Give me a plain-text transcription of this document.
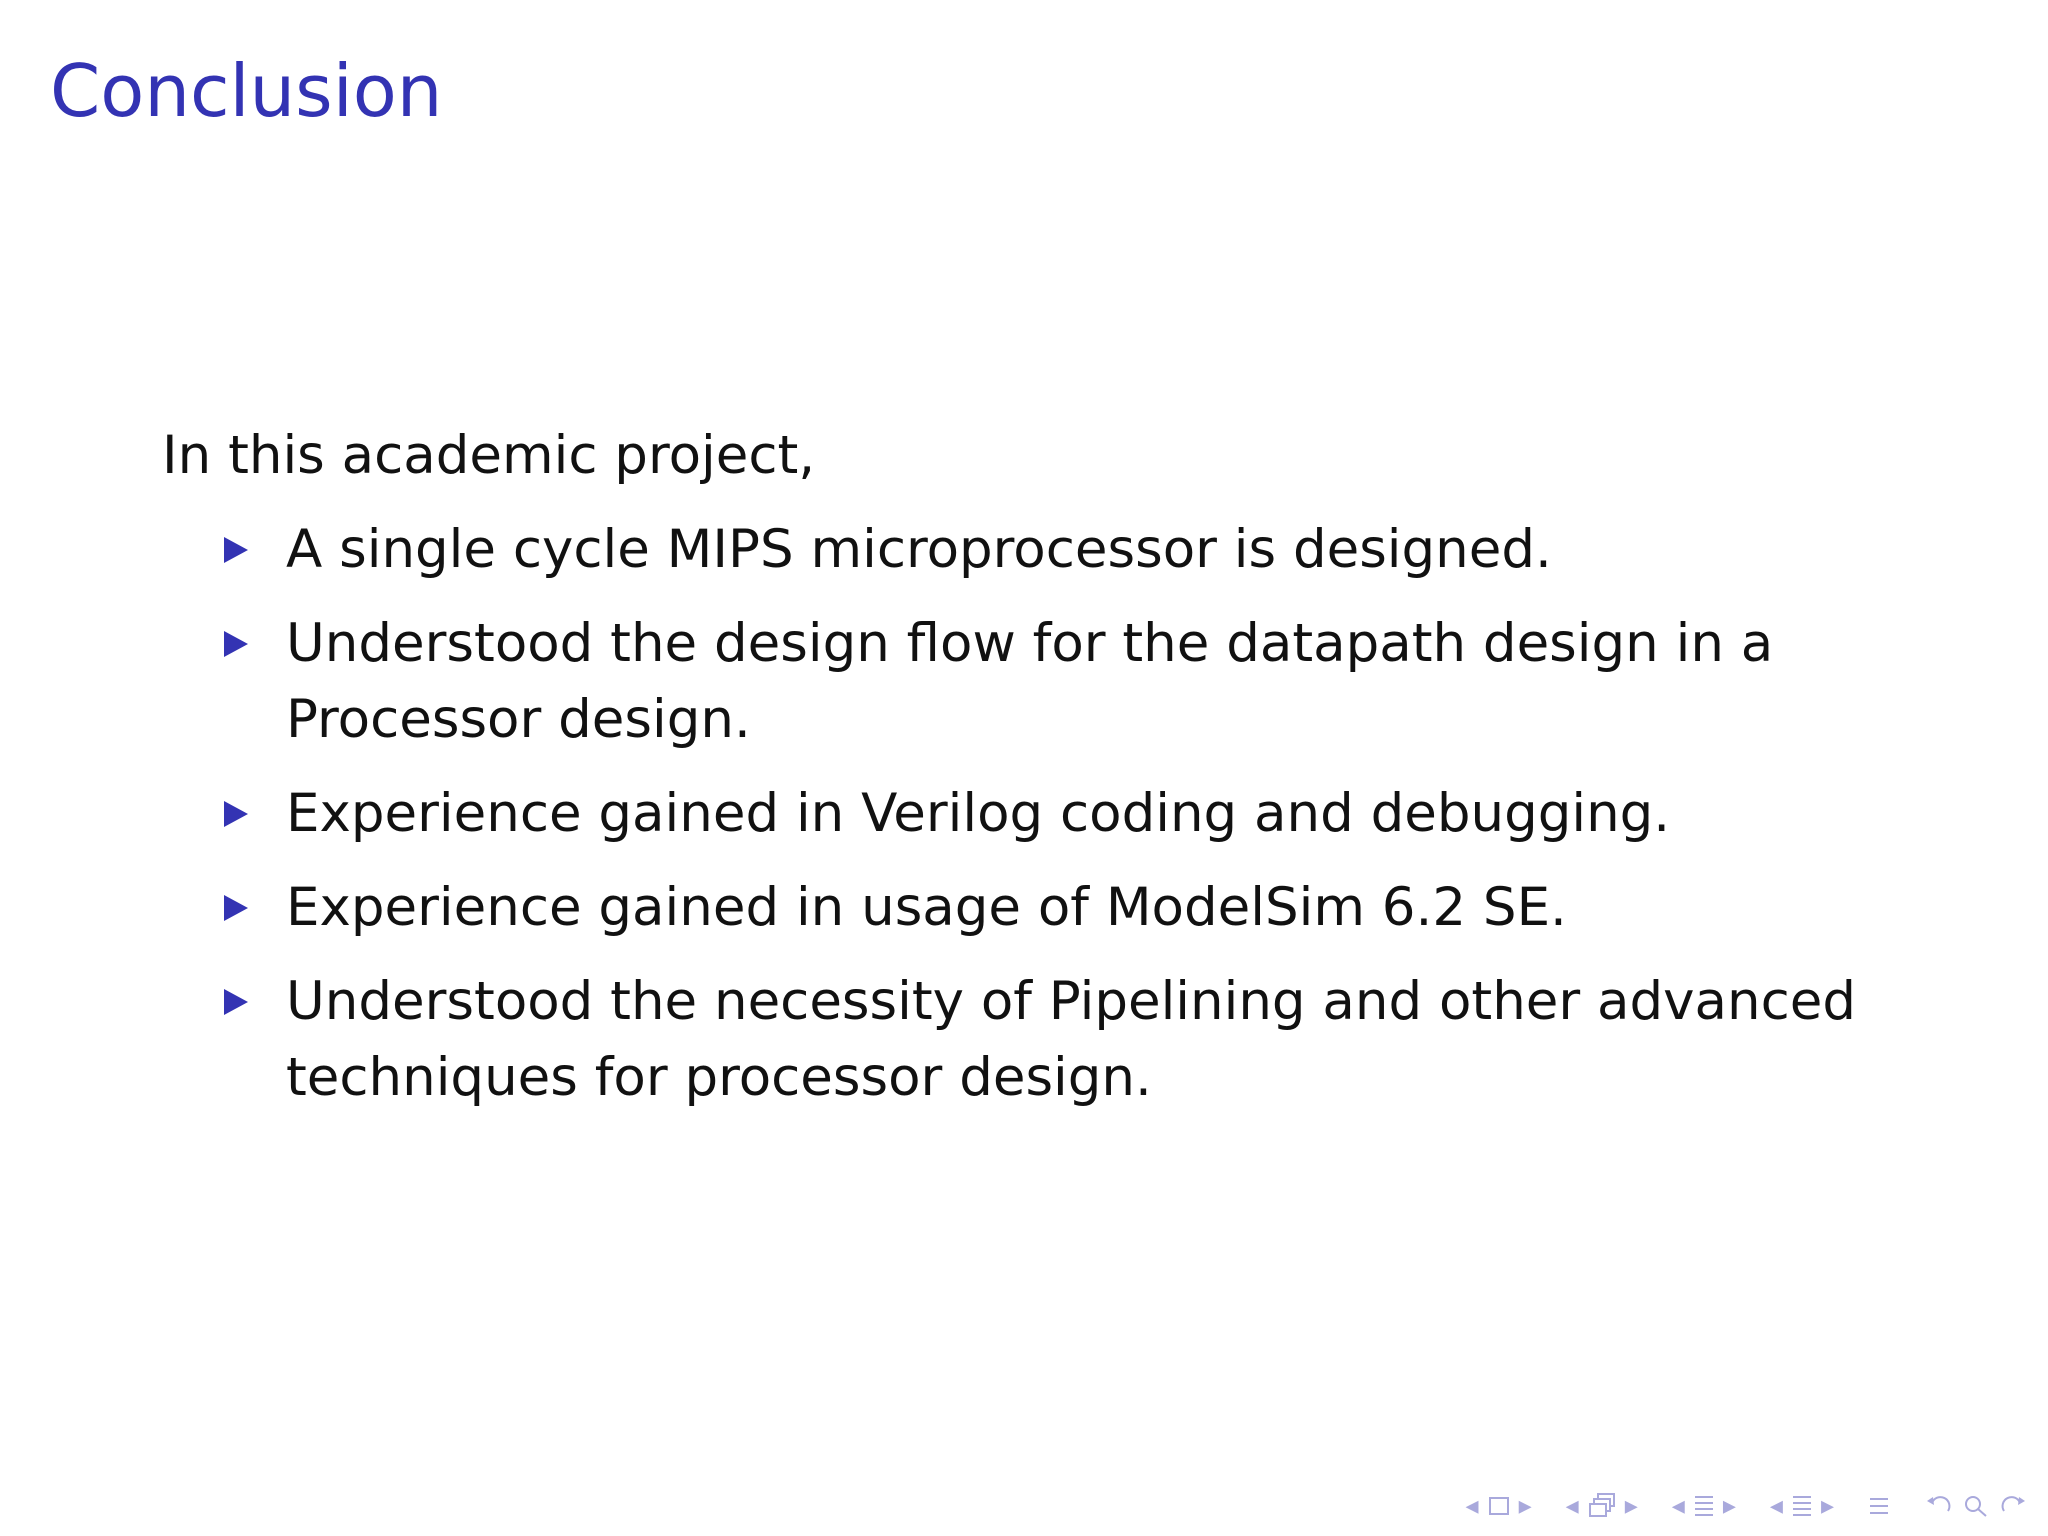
Conclusion

In this academic project,

A single cycle MIPS microprocessor is designed.
Understood the design flow for the datapath design in a Processor design.
Experience gained in Verilog coding and debugging.
Experience gained in usage of ModelSim 6.2 SE.
Understood the necessity of Pipelining and other advanced techniques for processor design.
◂ ▸ ◂ ▸ ◂ ▸ ◂ ▸
